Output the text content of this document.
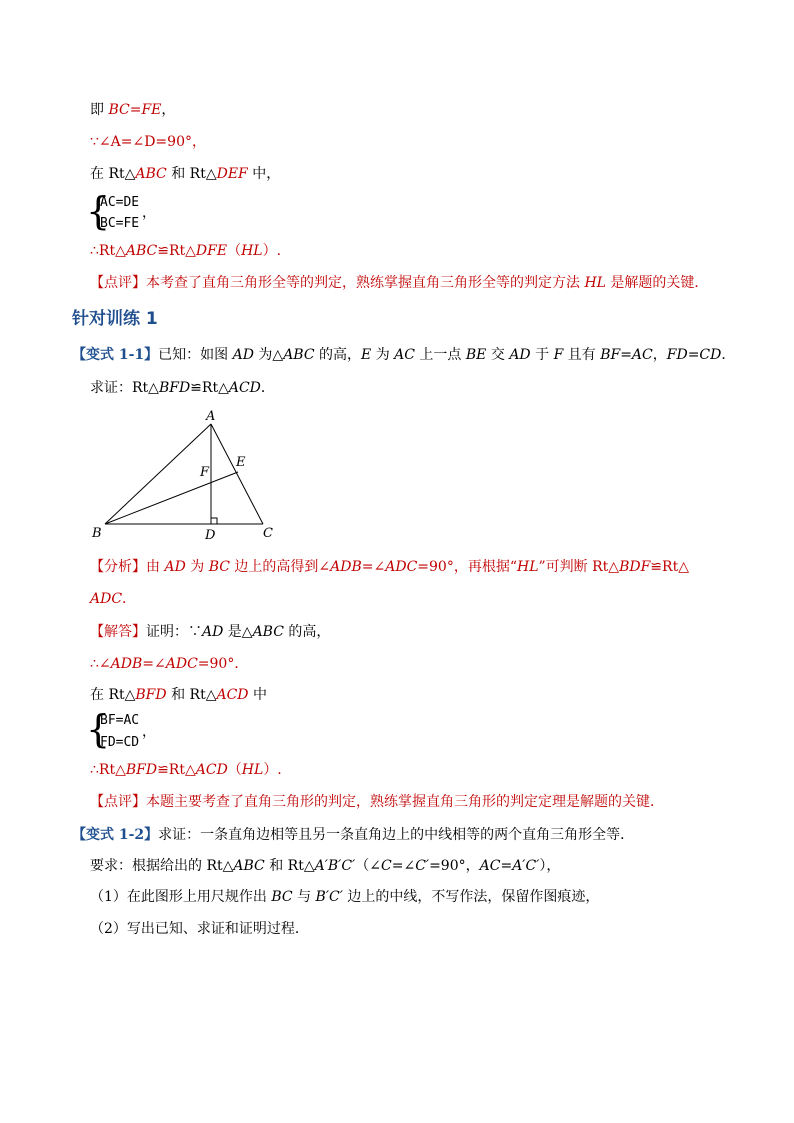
即 BC=FE，
∵∠A=∠D=90°，
在 Rt△ABC 和 Rt△DEF 中，
{
AC=DE
BC=FE
，
∴Rt△ABC≌Rt△DFE（HL）.
【点评】本考查了直角三角形全等的判定，熟练掌握直角三角形全等的判定方法 HL 是解题的关键．
针对训练 1
【变式 1-1】已知：如图 AD 为△ABC 的高，E 为 AC 上一点 BE 交 AD 于 F 且有 BF=AC，FD=CD．
求证：Rt△BFD≌Rt△ACD．
A
B	C
D
E
F
【分析】由 AD 为 BC 边上的高得到∠ADB=∠ADC=90°，再根据“HL”可判断 Rt△BDF≌Rt△
ADC．
【解答】证明：∵AD 是△ABC 的高，
∴∠ADB=∠ADC=90°．
在 Rt△BFD 和 Rt△ACD 中
{
BF=AC
FD=CD
，
∴Rt△BFD≌Rt△ACD（HL）.
【点评】本题主要考查了直角三角形的判定，熟练掌握直角三角形的判定定理是解题的关键．
【变式 1-2】求证：一条直角边相等且另一条直角边上的中线相等的两个直角三角形全等．
要求：根据给出的 Rt△ABC 和 Rt△A′B′C′（∠C=∠C′=90°，AC=A′C′），
（1）在此图形上用尺规作出 BC 与 B′C′ 边上的中线，不写作法，保留作图痕迹，
（2）写出已知、求证和证明过程．
